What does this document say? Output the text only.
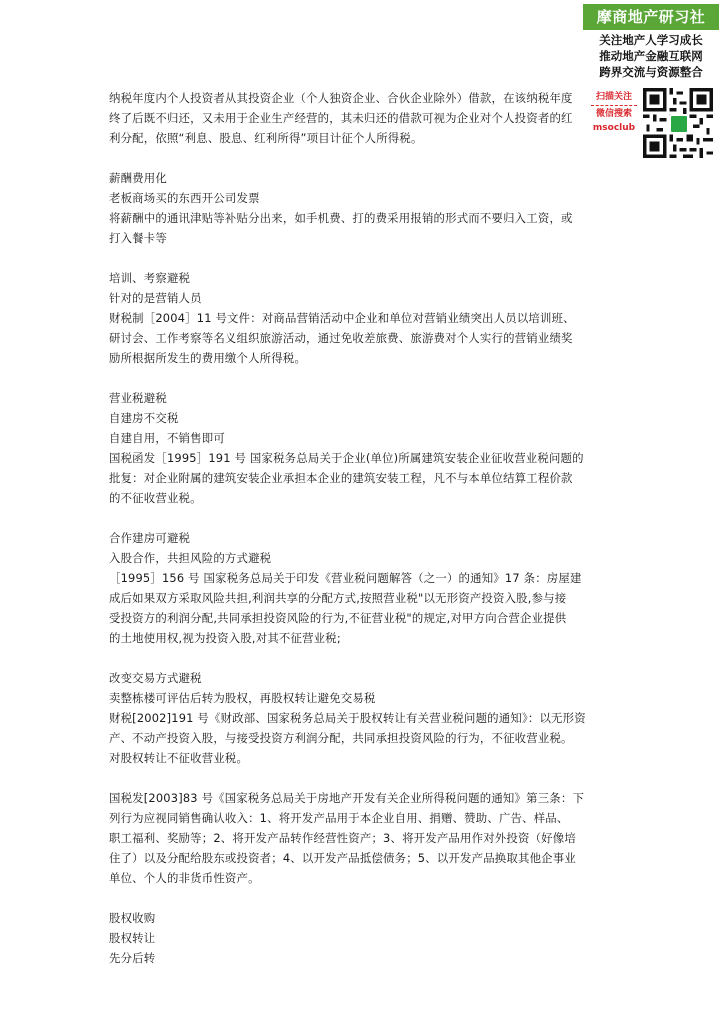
纳税年度内个人投资者从其投资企业（个人独资企业、合伙企业除外）借款，在该纳税年度
终了后既不归还，又未用于企业生产经营的，其未归还的借款可视为企业对个人投资者的红
利分配，依照“利息、股息、红利所得”项目计征个人所得税。
薪酬费用化
老板商场买的东西开公司发票
将薪酬中的通讯津贴等补贴分出来，如手机费、打的费采用报销的形式而不要归入工资，或
打入餐卡等
培训、考察避税
针对的是营销人员
财税制［2004］11 号文件：对商品营销活动中企业和单位对营销业绩突出人员以培训班、
研讨会、工作考察等名义组织旅游活动，通过免收差旅费、旅游费对个人实行的营销业绩奖
励所根据所发生的费用缴个人所得税。
营业税避税
自建房不交税
自建自用，不销售即可
国税函发［1995］191 号 国家税务总局关于企业(单位)所属建筑安装企业征收营业税问题的
批复：对企业附属的建筑安装企业承担本企业的建筑安装工程，凡不与本单位结算工程价款
的不征收营业税。
合作建房可避税
入股合作，共担风险的方式避税
［1995］156 号 国家税务总局关于印发《营业税问题解答（之一）的通知》17 条：房屋建
成后如果双方采取风险共担,利润共享的分配方式,按照营业税"以无形资产投资入股,参与接
受投资方的利润分配,共同承担投资风险的行为,不征营业税"的规定,对甲方向合营企业提供
的土地使用权,视为投资入股,对其不征营业税;
改变交易方式避税
卖整栋楼可评估后转为股权，再股权转让避免交易税
财税[2002]191 号《财政部、国家税务总局关于股权转让有关营业税问题的通知》：以无形资
产、不动产投资入股，与接受投资方利润分配，共同承担投资风险的行为，不征收营业税。
对股权转让不征收营业税。
国税发[2003]83 号《国家税务总局关于房地产开发有关企业所得税问题的通知》第三条：下
列行为应视同销售确认收入：1、将开发产品用于本企业自用、捐赠、赞助、广告、样品、
职工福利、奖励等；2、将开发产品转作经营性资产；3、将开发产品用作对外投资（好像培
住了）以及分配给股东或投资者；4、以开发产品抵偿债务；5、以开发产品换取其他企事业
单位、个人的非货币性资产。
股权收购
股权转让
先分后转
摩商地产研习社
关注地产人学习成长
推动地产金融互联网
跨界交流与资源整合
扫描关注
微信搜索
msoclub
